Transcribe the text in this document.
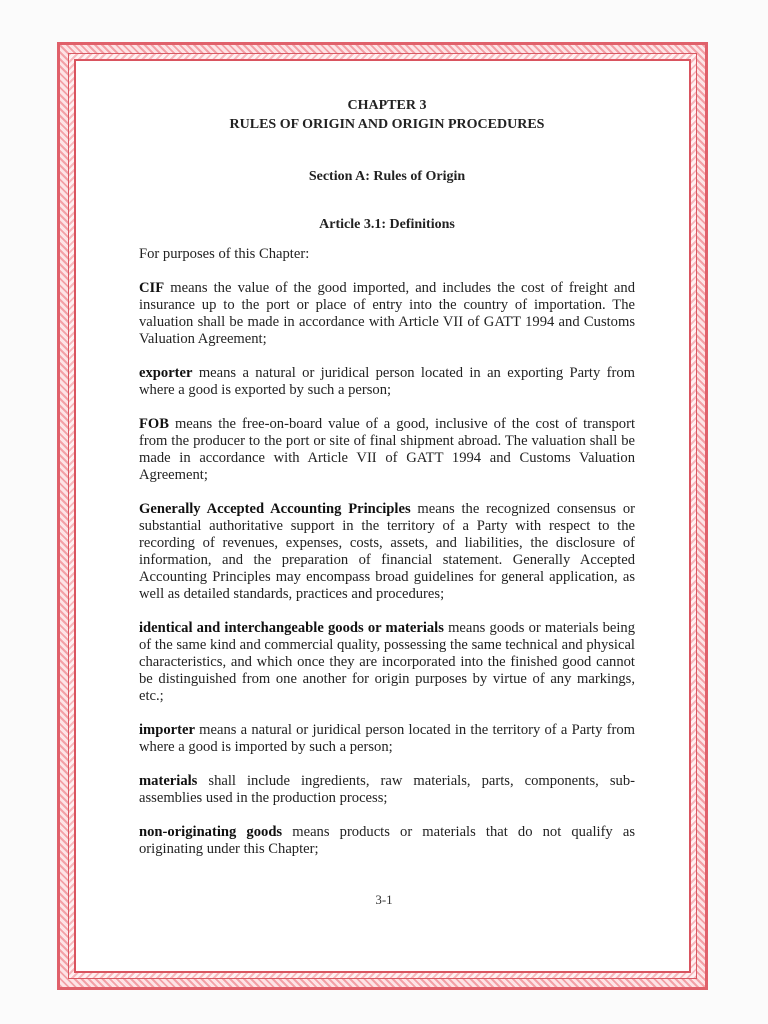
CHAPTER 3
RULES OF ORIGIN AND ORIGIN PROCEDURES
Section A: Rules of Origin
Article 3.1: Definitions
For purposes of this Chapter:
CIF means the value of the good imported, and includes the cost of freight and insurance up to the port or place of entry into the country of importation. The valuation shall be made in accordance with Article VII of GATT 1994 and Customs Valuation Agreement;
exporter means a natural or juridical person located in an exporting Party from where a good is exported by such a person;
FOB means the free-on-board value of a good, inclusive of the cost of transport from the producer to the port or site of final shipment abroad. The valuation shall be made in accordance with Article VII of GATT 1994 and Customs Valuation Agreement;
Generally Accepted Accounting Principles means the recognized consensus or substantial authoritative support in the territory of a Party with respect to the recording of revenues, expenses, costs, assets, and liabilities, the disclosure of information, and the preparation of financial statement. Generally Accepted Accounting Principles may encompass broad guidelines for general application, as well as detailed standards, practices and procedures;
identical and interchangeable goods or materials means goods or materials being of the same kind and commercial quality, possessing the same technical and physical characteristics, and which once they are incorporated into the finished good cannot be distinguished from one another for origin purposes by virtue of any markings, etc.;
importer means a natural or juridical person located in the territory of a Party from where a good is imported by such a person;
materials shall include ingredients, raw materials, parts, components, sub-assemblies used in the production process;
non-originating goods means products or materials that do not qualify as originating under this Chapter;
3-1
